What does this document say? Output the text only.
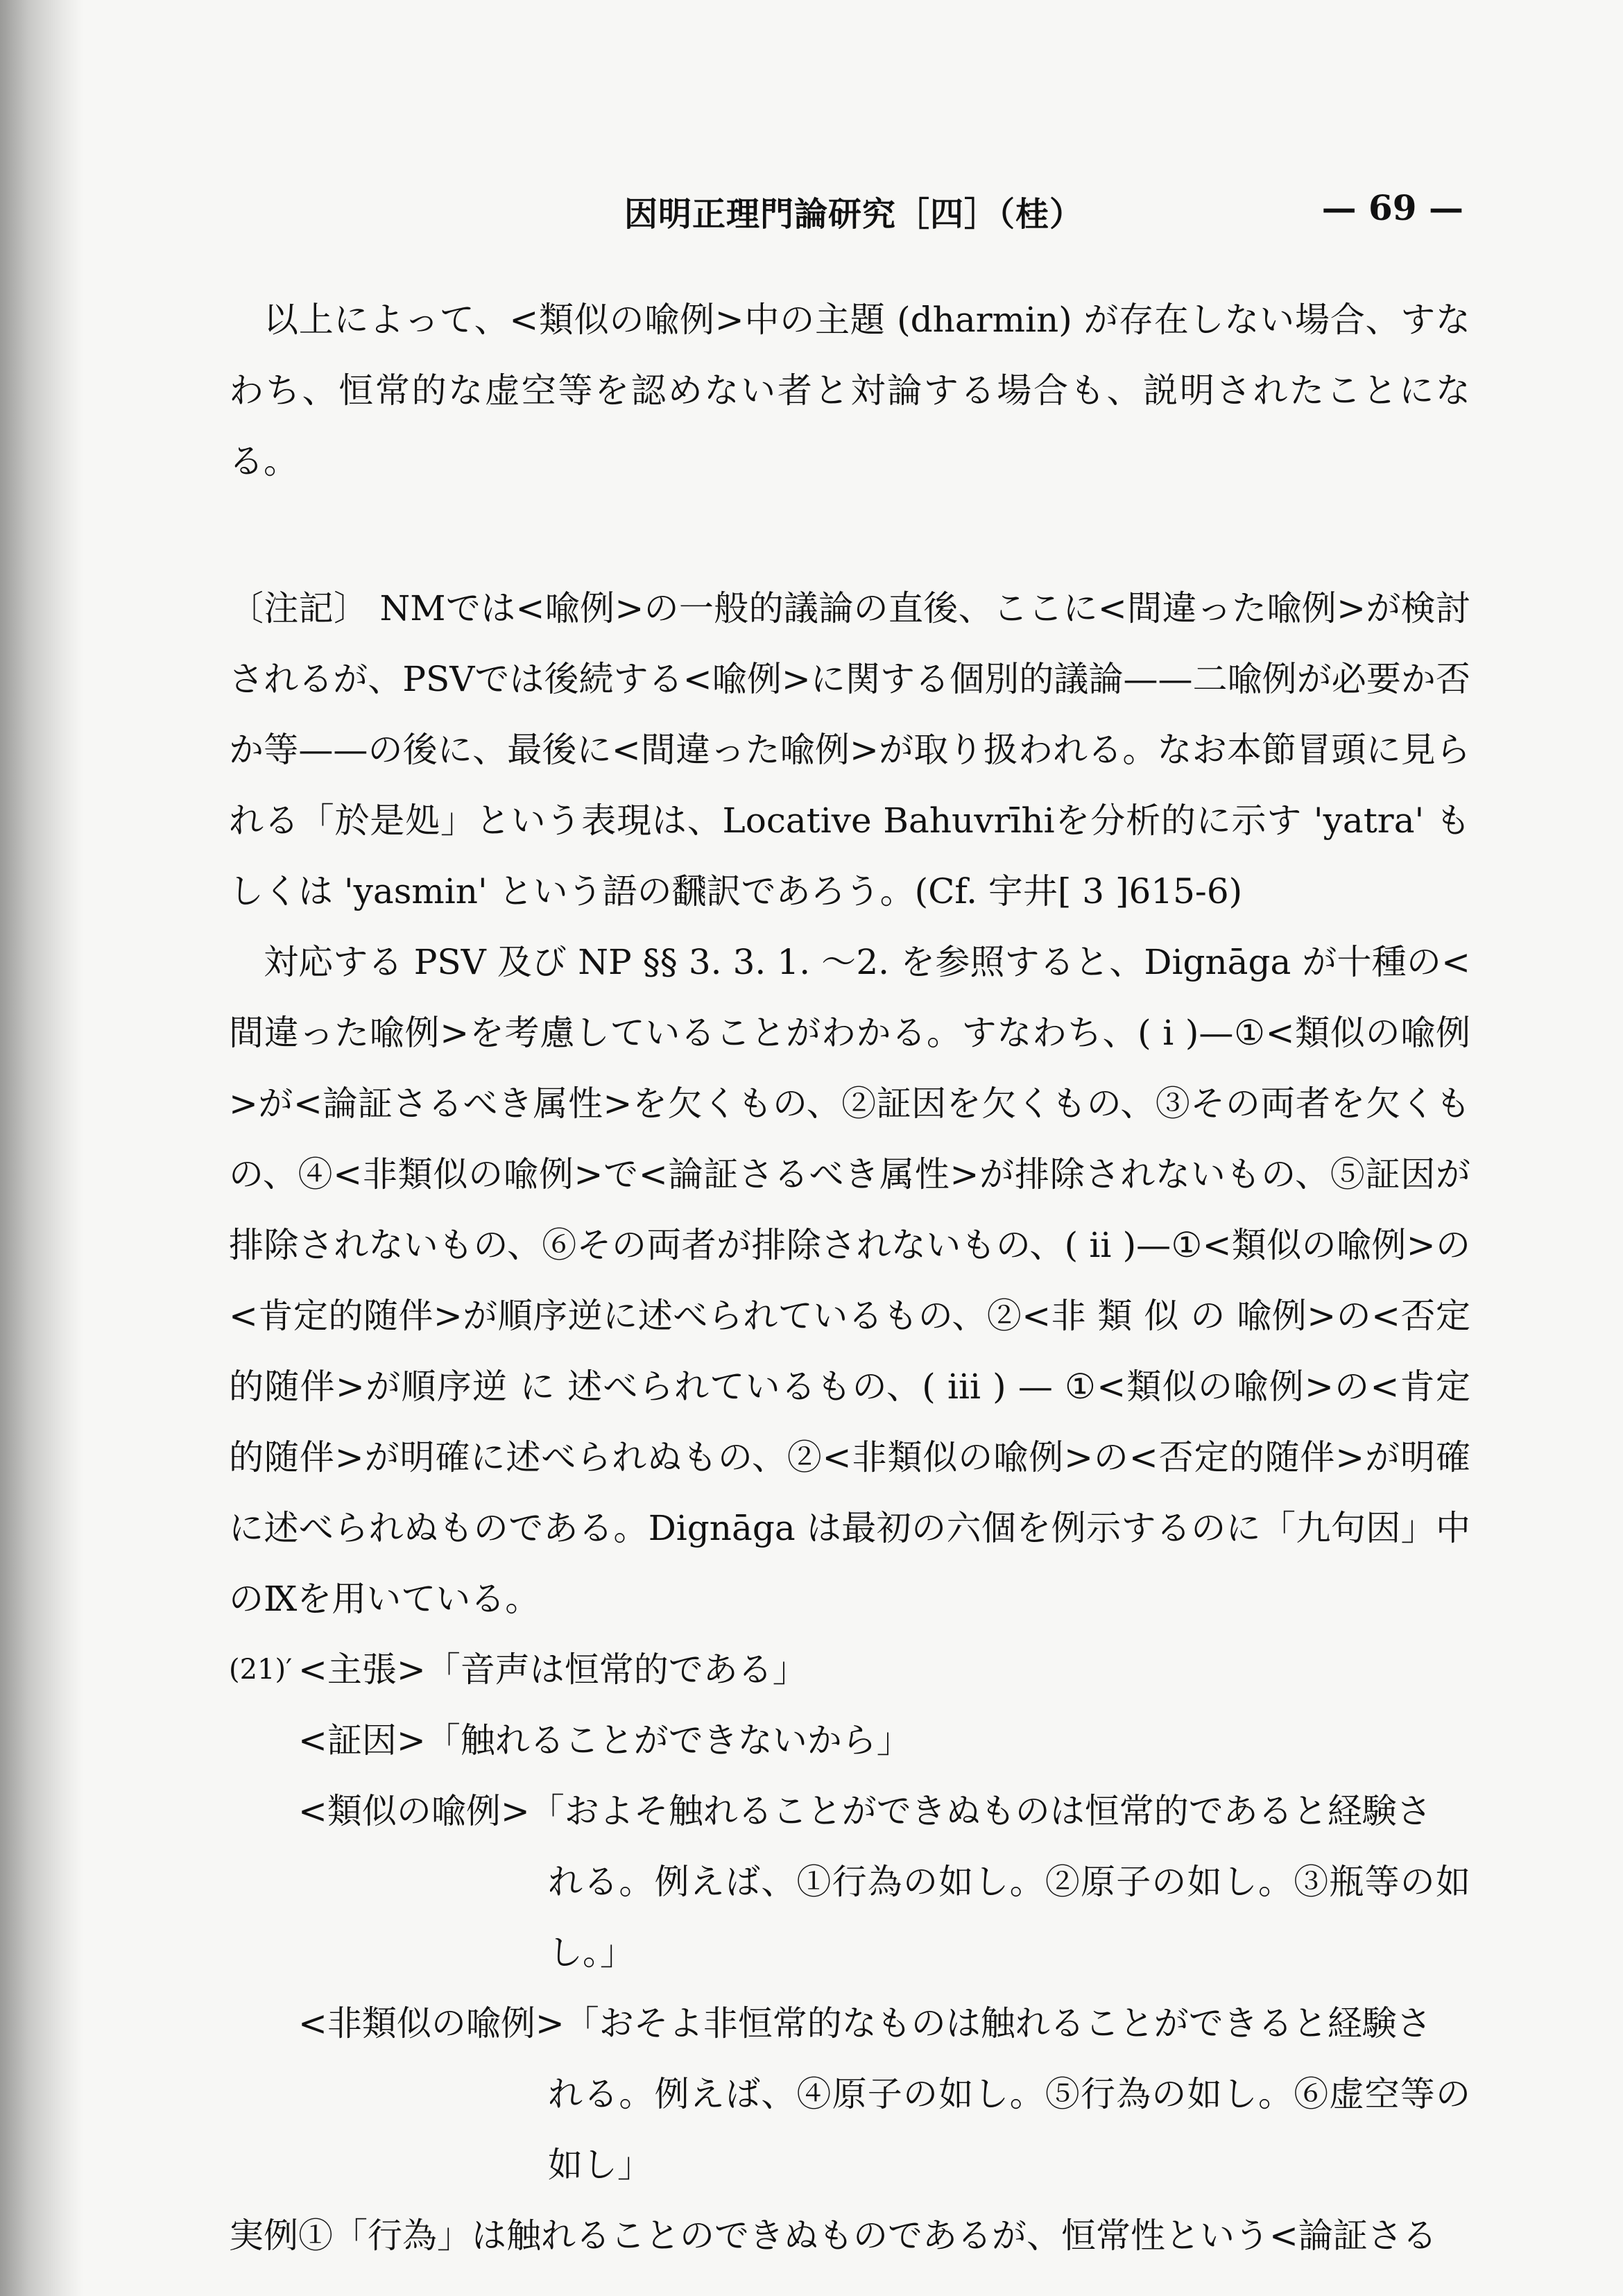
因明正理門論研究［四］（桂）	— 69 —

以上によって、<類似の喩例>中の主題 (dharmin) が存在しない場合、すなわち、恒常的な虚空等を認めない者と対論する場合も、説明されたことになる。

〔注記〕 NMでは<喩例>の一般的議論の直後、ここに<間違った喩例>が検討されるが、PSVでは後続する<喩例>に関する個別的議論——二喩例が必要か否か等——の後に、最後に<間違った喩例>が取り扱われる。なお本節冒頭に見られる「於是処」という表現は、Locative Bahuvrīhiを分析的に示す 'yatra' もしくは 'yasmin' という語の飜訳であろう。(Cf. 宇井[ 3 ]615-6)

対応する PSV 及び NP §§ 3. 3. 1. ～2. を参照すると、Dignāga が十種の<間違った喩例>を考慮していることがわかる。すなわち、( i )—①<類似の喩例>が<論証さるべき属性>を欠くもの、②証因を欠くもの、③その両者を欠くもの、④<非類似の喩例>で<論証さるべき属性>が排除されないもの、⑤証因が排除されないもの、⑥その両者が排除されないもの、( ii )—①<類似の喩例>の<肯定的随伴>が順序逆に述べられているもの、②<非 類 似 の 喩例>の<否定的随伴>が順序逆 に 述べられているもの、( iii ) — ①<類似の喩例>の<肯定的随伴>が明確に述べられぬもの、②<非類似の喩例>の<否定的随伴>が明確に述べられぬものである。Dignāga は最初の六個を例示するのに「九句因」中のⅨを用いている。

(21)′ <主張> 「音声は恒常的である」
<証因> 「触れることができないから」
<類似の喩例> 「およそ触れることができぬものは恒常的であると経験さ

れる。例えば、①行為の如し。②原子の如し。③瓶等の如し。」

<非類似の喩例> 「おそよ非恒常的なものは触れることができると経験さ

れる。例えば、④原子の如し。⑤行為の如し。⑥虚空等の如し」

実例①「行為」は触れることのできぬものであるが、恒常性という<論証さる
